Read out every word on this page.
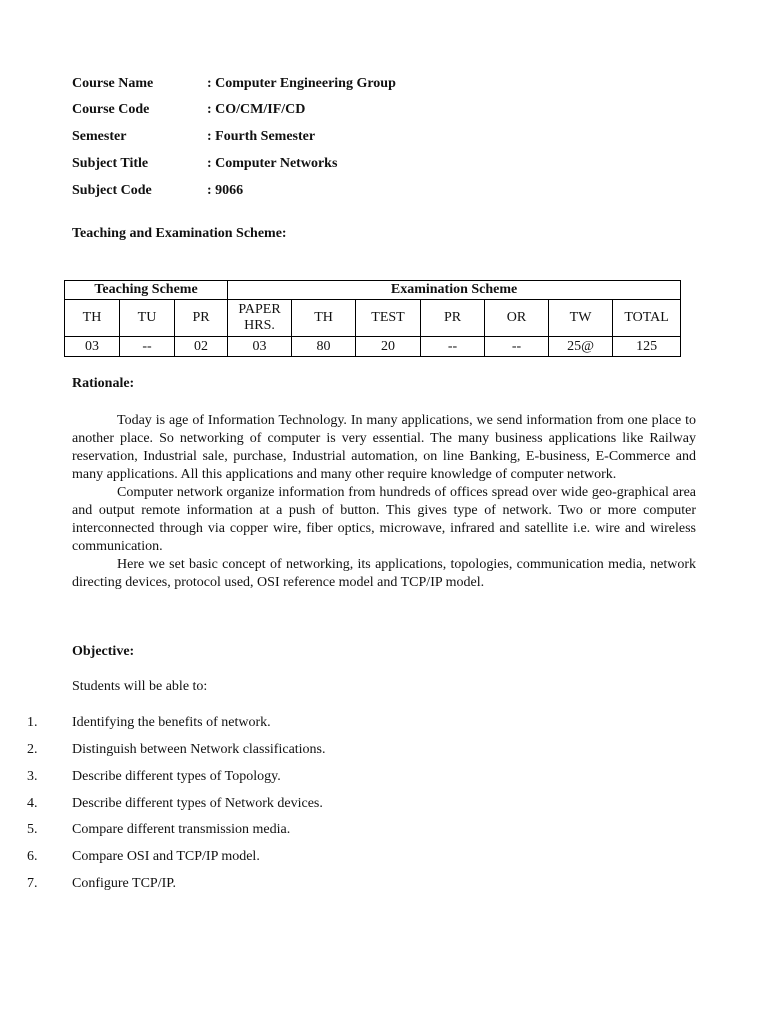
Course Name	: Computer Engineering Group
Course Code	: CO/CM/IF/CD
Semester	: Fourth Semester
Subject Title	: Computer Networks
Subject Code	: 9066
Teaching and Examination Scheme:
Teaching Scheme			Examination Scheme						
TH	TU	PR	PAPER HRS.	TH	TEST	PR	OR	TW	TOTAL
03	--	02	03	80	20	--	--	25@	125
Rationale:

Today is age of Information Technology. In many applications, we send information from one place to another place. So networking of computer is very essential. The many business applications like Railway reservation, Industrial sale, purchase, Industrial automation, on line Banking, E-business, E-Commerce and many applications. All this applications and many other require knowledge of computer network.

Computer network organize information from hundreds of offices spread over wide geo-graphical area and output remote information at a push of button. This gives type of network. Two or more computer interconnected through via copper wire, fiber optics, microwave, infrared and satellite i.e. wire and wireless communication.

Here we set basic concept of networking, its applications, topologies, communication media, network directing devices, protocol used, OSI reference model and TCP/IP model.

Objective:
Students will be able to:
1. Identifying the benefits of network.
2. Distinguish between Network classifications.
3. Describe different types of Topology.
4. Describe different types of Network devices.
5. Compare different transmission media.
6. Compare OSI and TCP/IP model.
7. Configure TCP/IP.
